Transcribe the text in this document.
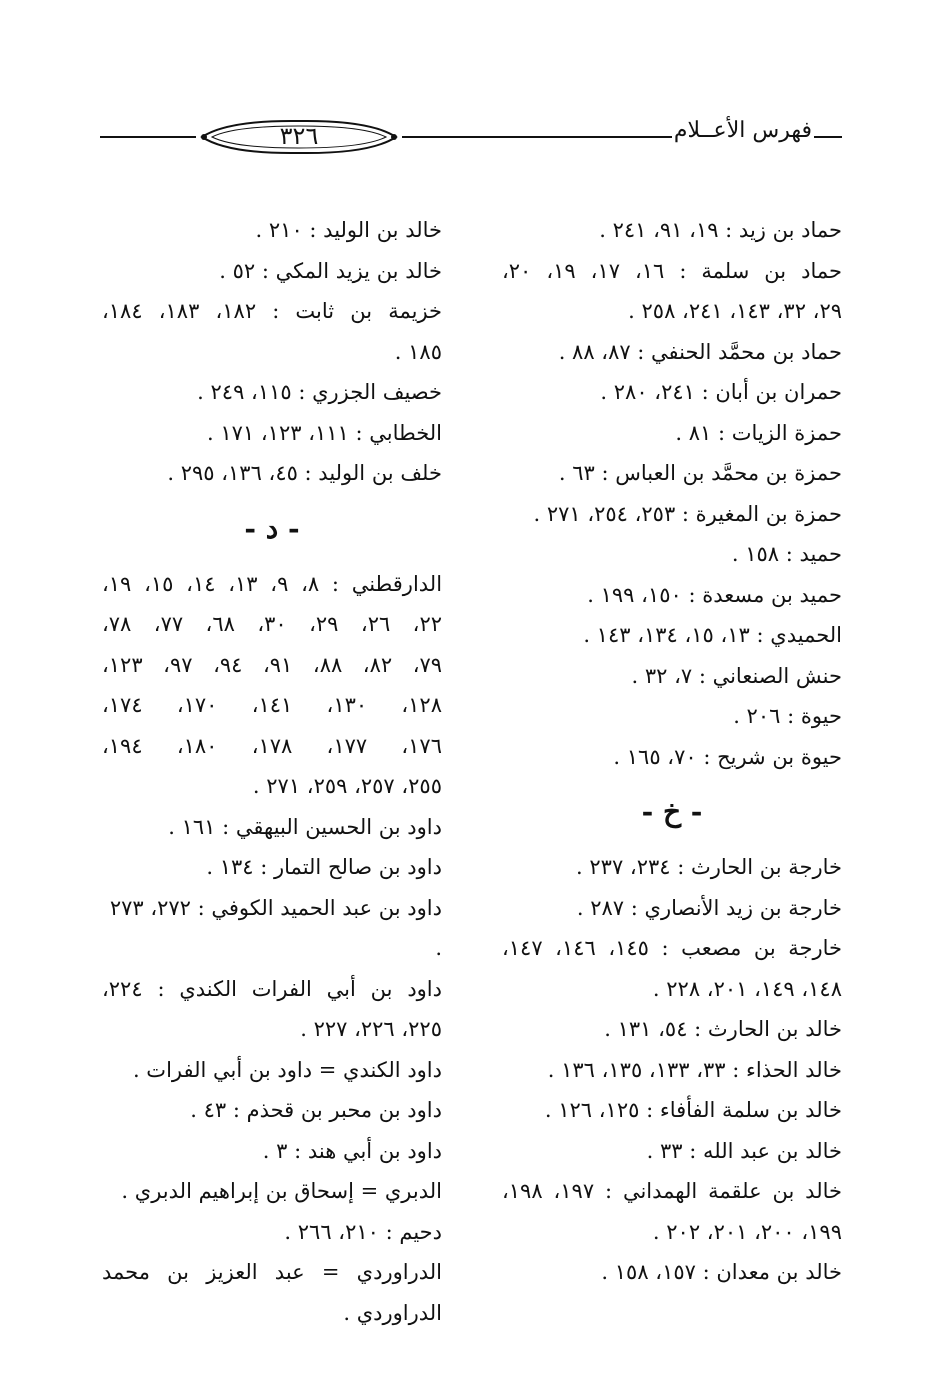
فهرس الأعــلام
٣٢٦
حماد بن زيد : ١٩، ٩١، ٢٤١ .
حماد بن سلمة : ١٦، ١٧، ١٩، ٢٠،
٢٩، ٣٢، ١٤٣، ٢٤١، ٢٥٨ .
حماد بن محمَّد الحنفي : ٨٧، ٨٨ .
حمران بن أبان : ٢٤١، ٢٨٠ .
حمزة الزيات : ٨١ .
حمزة بن محمَّد بن العباس : ٦٣ .
حمزة بن المغيرة : ٢٥٣، ٢٥٤، ٢٧١ .
حميد : ١٥٨ .
حميد بن مسعدة : ١٥٠، ١٩٩ .
الحميدي : ١٣، ١٥، ١٣٤، ١٤٣ .
حنش الصنعاني : ٧، ٣٢ .
حيوة : ٢٠٦ .
حيوة بن شريح : ٧٠، ١٦٥ .
- خ -
خارجة بن الحارث : ٢٣٤، ٢٣٧ .
خارجة بن زيد الأنصاري : ٢٨٧ .
خارجة بن مصعب : ١٤٥، ١٤٦، ١٤٧،
١٤٨، ١٤٩، ٢٠١، ٢٢٨ .
خالد بن الحارث : ٥٤، ١٣١ .
خالد الحذاء : ٣٣، ١٣٣، ١٣٥، ١٣٦ .
خالد بن سلمة الفأفاء : ١٢٥، ١٢٦ .
خالد بن عبد الله : ٣٣ .
خالد بن علقمة الهمداني : ١٩٧، ١٩٨،
١٩٩، ٢٠٠، ٢٠١، ٢٠٢ .
خالد بن معدان : ١٥٧، ١٥٨ .
خالد بن الوليد : ٢١٠ .
خالد بن يزيد المكي : ٥٢ .
خزيمة بن ثابت : ١٨٢، ١٨٣، ١٨٤،
١٨٥ .
خصيف الجزري : ١١٥، ٢٤٩ .
الخطابي : ١١١، ١٢٣، ١٧١ .
خلف بن الوليد : ٤٥، ١٣٦، ٢٩٥ .
- د -
الدارقطني : ٨، ٩، ١٣، ١٤، ١٥، ١٩،
٢٢، ٢٦، ٢٩، ٣٠، ٦٨، ٧٧، ٧٨،
٧٩، ٨٢، ٨٨، ٩١، ٩٤، ٩٧، ١٢٣،
١٢٨، ١٣٠، ١٤١، ١٧٠، ١٧٤،
١٧٦، ١٧٧، ١٧٨، ١٨٠، ١٩٤،
٢٥٥، ٢٥٧، ٢٥٩، ٢٧١ .
داود بن الحسين البيهقي : ١٦١ .
داود بن صالح التمار : ١٣٤ .
داود بن عبد الحميد الكوفي : ٢٧٢، ٢٧٣ .
داود بن أبي الفرات الكندي : ٢٢٤،
٢٢٥، ٢٢٦، ٢٢٧ .
داود الكندي = داود بن أبي الفرات .
داود بن محبر بن قحذم : ٤٣ .
داود بن أبي هند : ٣ .
الدبري = إسحاق بن إبراهيم الدبري .
دحيم : ٢١٠، ٢٦٦ .
الدراوردي = عبد العزيز بن محمد
الدراوردي .
